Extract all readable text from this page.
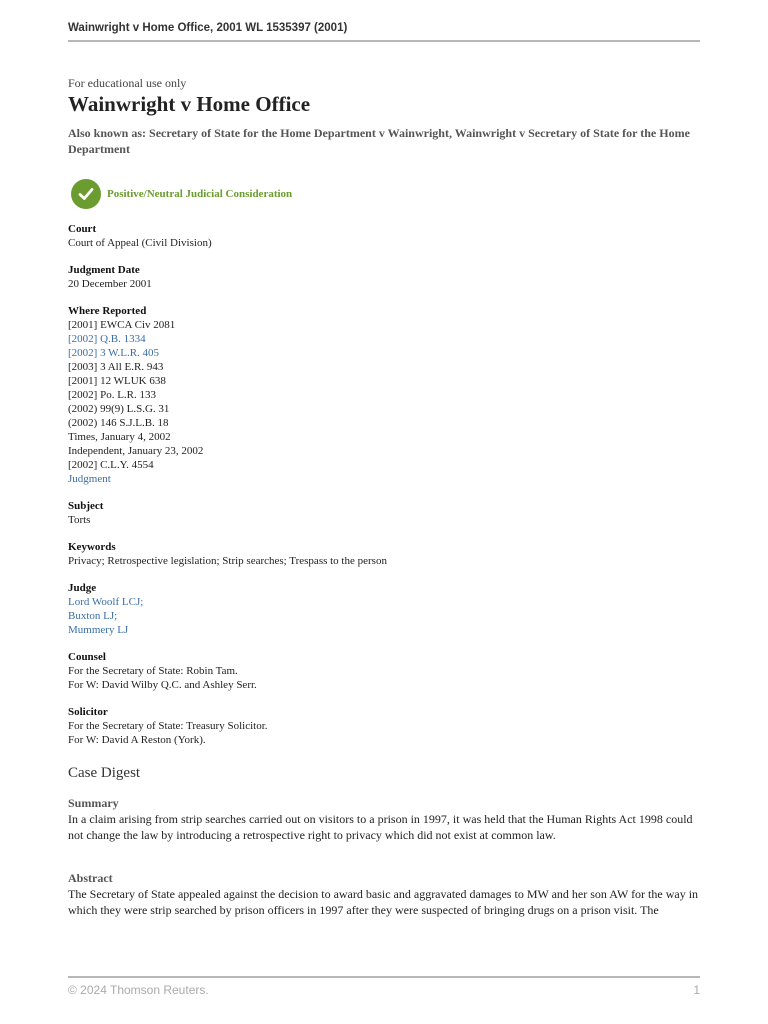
Wainwright v Home Office, 2001 WL 1535397 (2001)
For educational use only
Wainwright v Home Office
Also known as: Secretary of State for the Home Department v Wainwright, Wainwright v Secretary of State for the Home Department
Positive/Neutral Judicial Consideration
Court
Court of Appeal (Civil Division)
Judgment Date
20 December 2001
Where Reported
[2001] EWCA Civ 2081
[2002] Q.B. 1334
[2002] 3 W.L.R. 405
[2003] 3 All E.R. 943
[2001] 12 WLUK 638
[2002] Po. L.R. 133
(2002) 99(9) L.S.G. 31
(2002) 146 S.J.L.B. 18
Times, January 4, 2002
Independent, January 23, 2002
[2002] C.L.Y. 4554
Judgment
Subject
Torts
Keywords
Privacy; Retrospective legislation; Strip searches; Trespass to the person
Judge
Lord Woolf LCJ;
Buxton LJ;
Mummery LJ
Counsel
For the Secretary of State: Robin Tam.
For W: David Wilby Q.C. and Ashley Serr.
Solicitor
For the Secretary of State: Treasury Solicitor.
For W: David A Reston (York).
Case Digest
Summary
In a claim arising from strip searches carried out on visitors to a prison in 1997, it was held that the Human Rights Act 1998 could not change the law by introducing a retrospective right to privacy which did not exist at common law.
Abstract
The Secretary of State appealed against the decision to award basic and aggravated damages to MW and her son AW for the way in which they were strip searched by prison officers in 1997 after they were suspected of bringing drugs on a prison visit. The
© 2024 Thomson Reuters.	1
